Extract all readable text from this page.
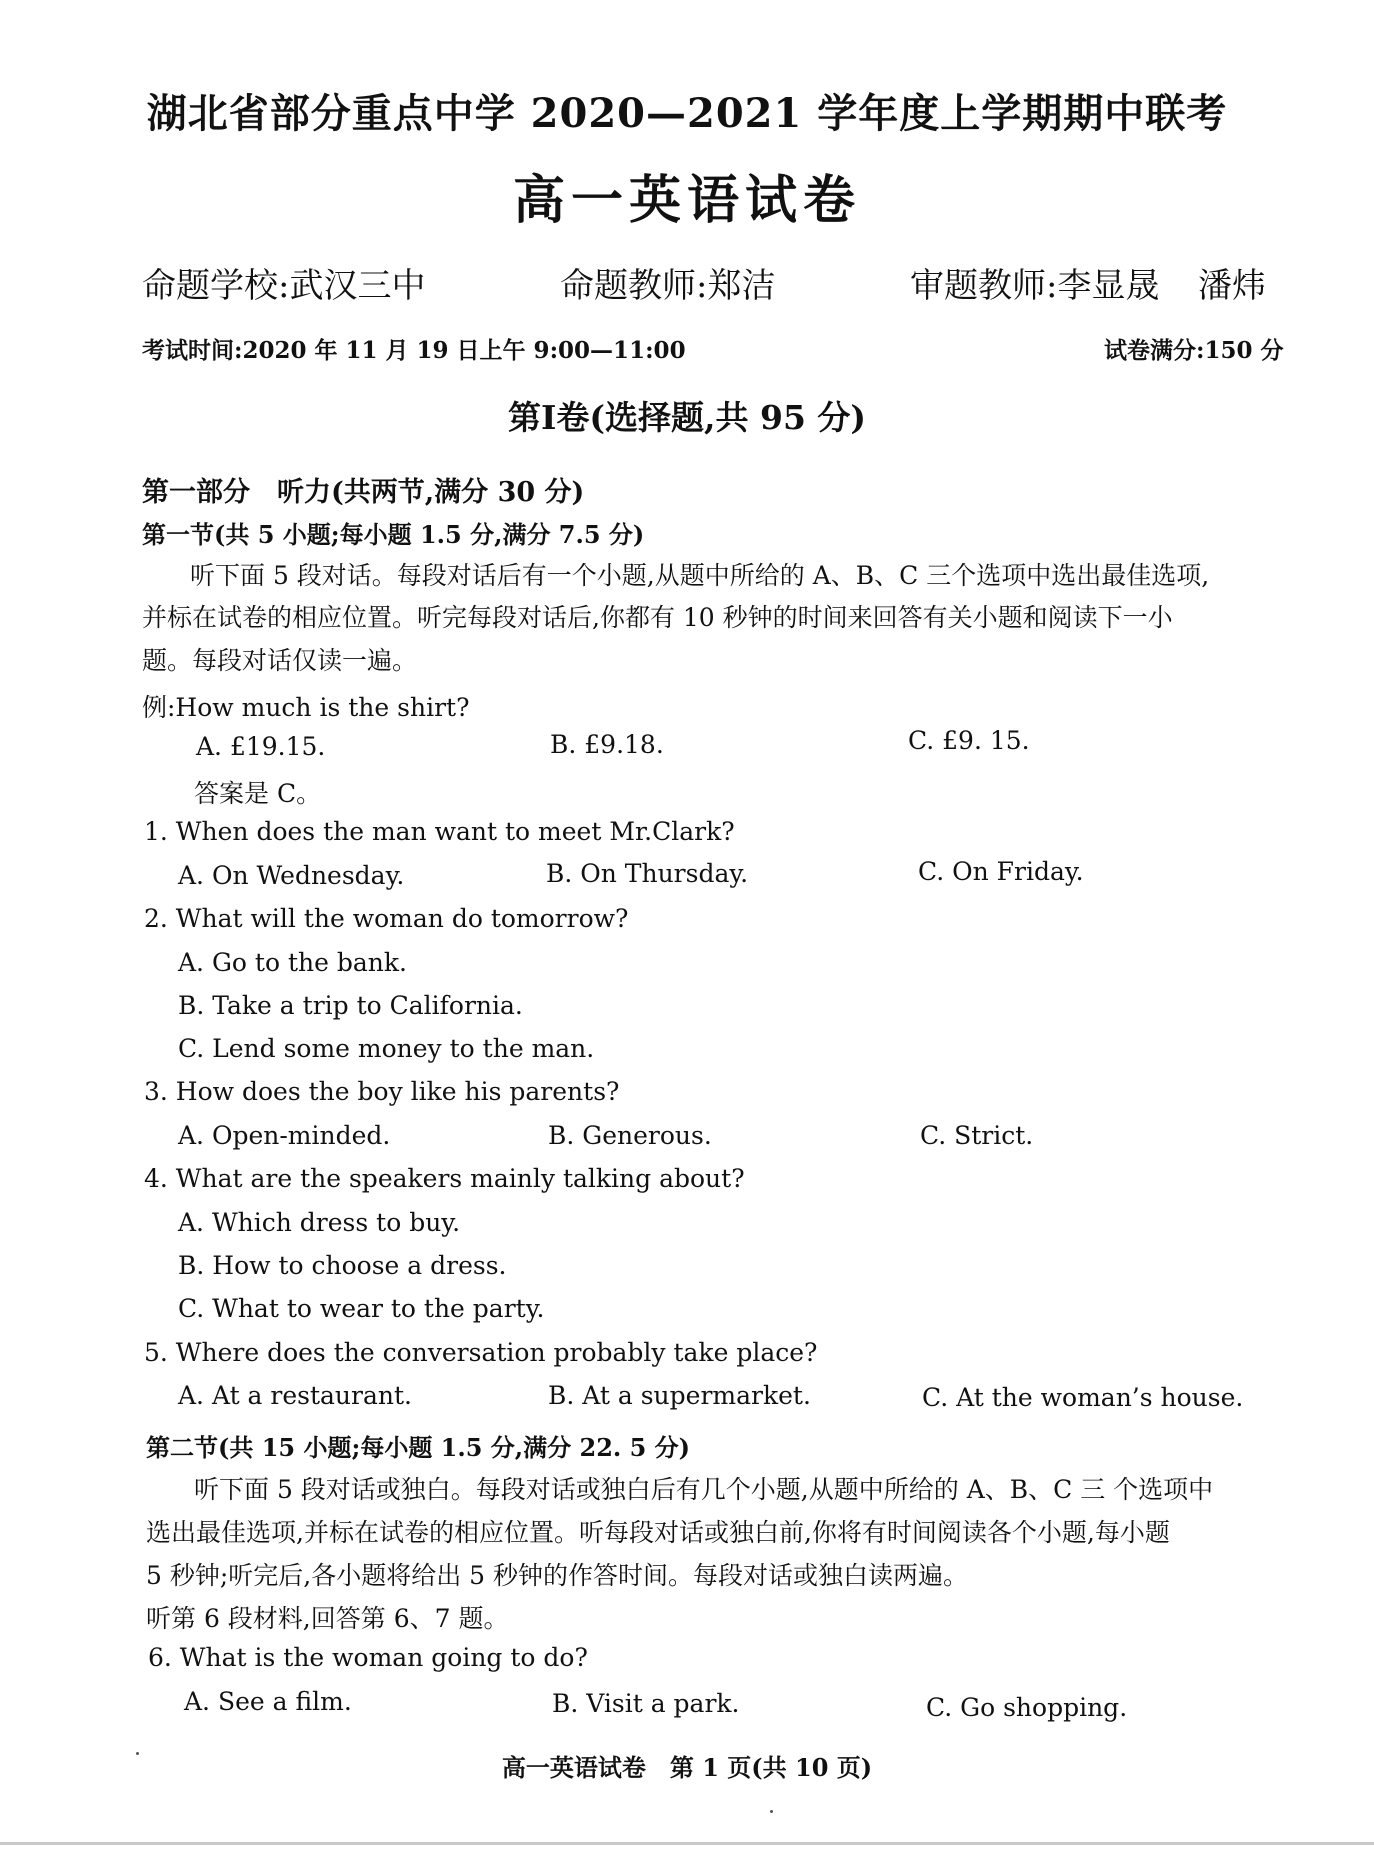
湖北省部分重点中学 2020—2021 学年度上学期期中联考
高一英语试卷
命题学校:武汉三中	命题教师:郑洁	审题教师:李显晟 潘炜
考试时间:2020 年 11 月 19 日上午 9:00—11:00	试卷满分:150 分
第Ⅰ卷(选择题,共 95 分)
第一部分　听力(共两节,满分 30 分)
第一节(共 5 小题;每小题 1.5 分,满分 7.5 分)
听下面 5 段对话。每段对话后有一个小题,从题中所给的 A、B、C 三个选项中选出最佳选项,
并标在试卷的相应位置。听完每段对话后,你都有 10 秒钟的时间来回答有关小题和阅读下一小
题。每段对话仅读一遍。
例:How much is the shirt?
A. £19.15.	B. £9.18.	C. £9. 15.
答案是 C。
1. When does the man want to meet Mr.Clark?
A. On Wednesday.	B. On Thursday.	C. On Friday.
2. What will the woman do tomorrow?
A. Go to the bank.
B. Take a trip to California.
C. Lend some money to the man.
3. How does the boy like his parents?
A. Open-minded.	B. Generous.	C. Strict.
4. What are the speakers mainly talking about?
A. Which dress to buy.
B. How to choose a dress.
C. What to wear to the party.
5. Where does the conversation probably take place?
A. At a restaurant.	B. At a supermarket.	C. At the woman’s house.
第二节(共 15 小题;每小题 1.5 分,满分 22. 5 分)
听下面 5 段对话或独白。每段对话或独白后有几个小题,从题中所给的 A、B、C 三 个选项中
选出最佳选项,并标在试卷的相应位置。听每段对话或独白前,你将有时间阅读各个小题,每小题
5 秒钟;听完后,各小题将给出 5 秒钟的作答时间。每段对话或独白读两遍。
听第 6 段材料,回答第 6、7 题。
6. What is the woman going to do?
A. See a film.	B. Visit a park.	C. Go shopping.
高一英语试卷　第 1 页(共 10 页)
